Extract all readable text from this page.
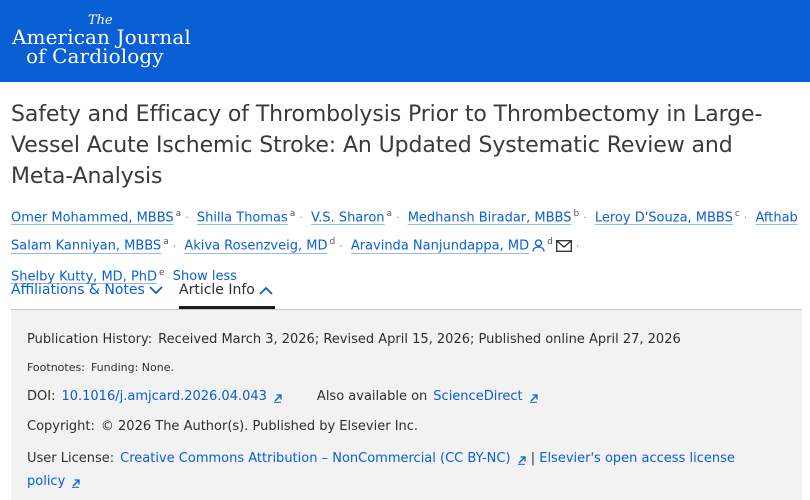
The
American Journal
of Cardiology
Safety and Efficacy of Thrombolysis Prior to Thrombectomy in Large-Vessel Acute Ischemic Stroke: An Updated Systematic Review and Meta-Analysis
Omer Mohammed, MBBS $^a$ · Shilla Thomas $^a$ · V.S. Sharon $^a$ · Medhansh Biradar, MBBS $^b$ · Leroy D'Souza, MBBS $^c$ · Afthab Salam Kanniyan, MBBS $^a$ · Akiva Rosenzveig, MD $^d$ · Aravinda Nanjundappa, MD $^d$ ·
Shelby Kutty, MD, PhD $^e$ Show less
Affiliations & Notes	Article Info
Publication History: Received March 3, 2026; Revised April 15, 2026; Published online April 27, 2026
Footnotes: Funding: None.
DOI: 10.1016/j.amjcard.2026.04.043	Also available on ScienceDirect
Copyright: © 2026 The Author(s). Published by Elsevier Inc.
User License: Creative Commons Attribution – NonCommercial (CC BY-NC) | Elsevier's open access license policy
